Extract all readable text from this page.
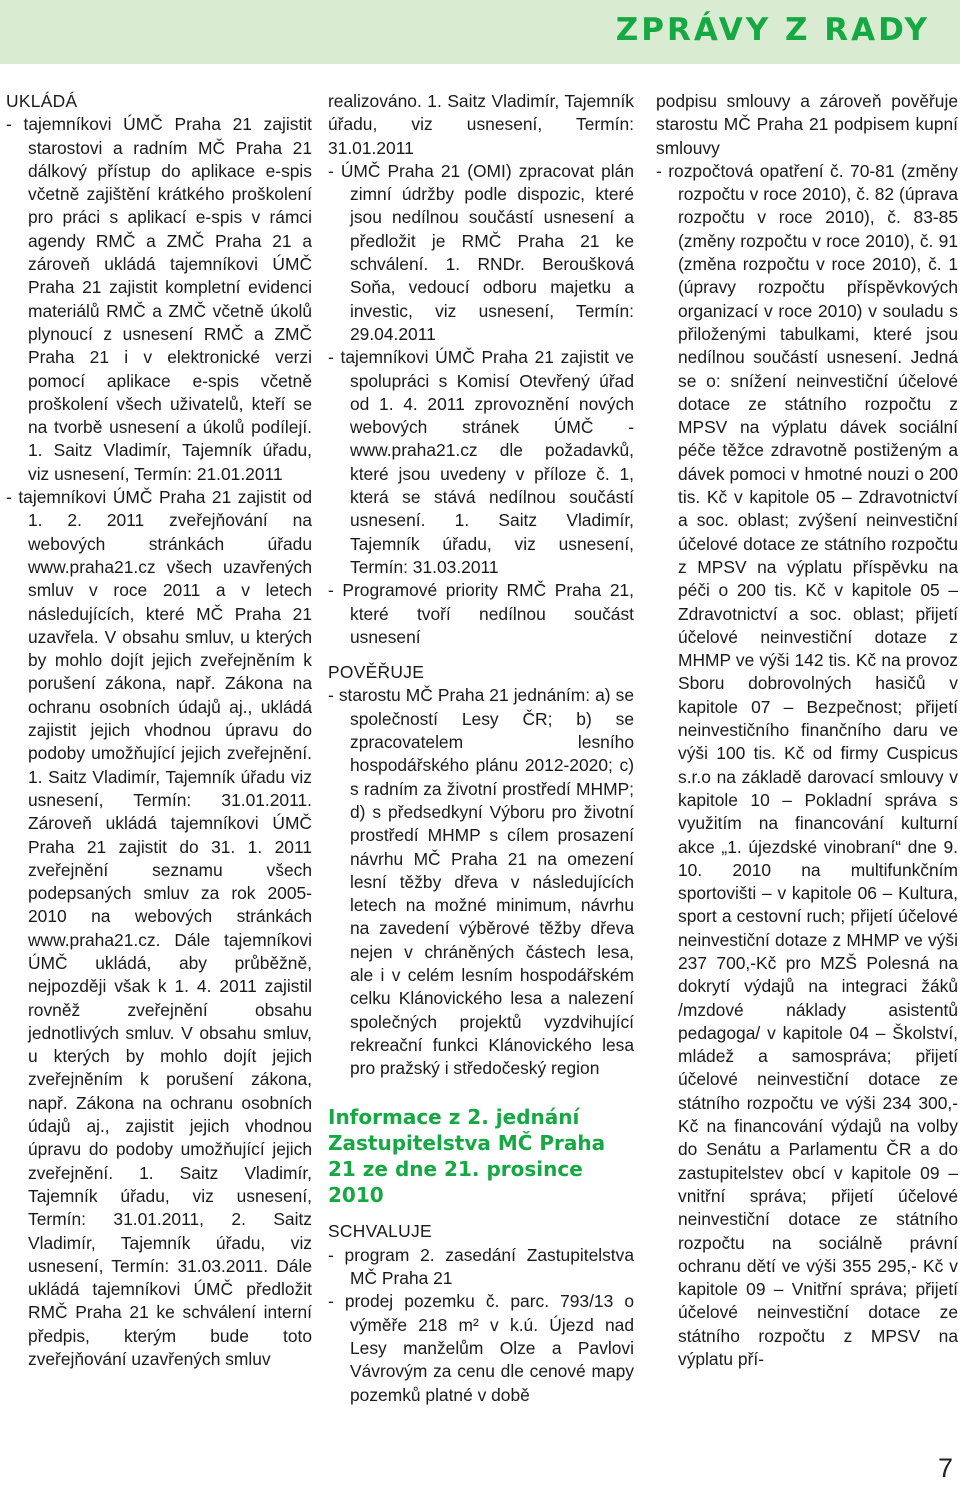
ZPRÁVY Z RADY

UKLÁDÁ

- tajemníkovi ÚMČ Praha 21 zajistit starostovi a radním MČ Praha 21 dálkový přístup do aplikace e-spis včetně zajištění krátkého proškolení pro práci s aplikací e-spis v rámci agendy RMČ a ZMČ Praha 21 a zároveň ukládá tajemníkovi ÚMČ Praha 21 zajistit kompletní evidenci materiálů RMČ a ZMČ včetně úkolů plynoucí z usnesení RMČ a ZMČ Praha 21 i v elektronické verzi pomocí aplikace e-spis včetně proškolení všech uživatelů, kteří se na tvorbě usnesení a úkolů podílejí. 1. Saitz Vladimír, Tajemník úřadu, viz usnesení, Termín: 21.01.2011

- tajemníkovi ÚMČ Praha 21 zajistit od 1. 2. 2011 zveřejňování na webových stránkách úřadu www.praha21.cz všech uzavřených smluv v roce 2011 a v letech následujících, které MČ Praha 21 uzavřela. V obsahu smluv, u kterých by mohlo dojít jejich zveřejněním k porušení zákona, např. Zákona na ochranu osobních údajů aj., ukládá zajistit jejich vhodnou úpravu do podoby umožňující jejich zveřejnění. 1. Saitz Vladimír, Tajemník úřadu viz usnesení, Termín: 31.01.2011. Zároveň ukládá tajemníkovi ÚMČ Praha 21 zajistit do 31. 1. 2011 zveřejnění seznamu všech podepsaných smluv za rok 2005-2010 na webových stránkách www.praha21.cz. Dále tajemníkovi ÚMČ ukládá, aby průběžně, nejpozději však k 1. 4. 2011 zajistil rovněž zveřejnění obsahu jednotlivých smluv. V obsahu smluv, u kterých by mohlo dojít jejich zveřejněním k porušení zákona, např. Zákona na ochranu osobních údajů aj., zajistit jejich vhodnou úpravu do podoby umožňující jejich zveřejnění. 1. Saitz Vladimír, Tajemník úřadu, viz usnesení, Termín: 31.01.2011, 2. Saitz Vladimír, Tajemník úřadu, viz usnesení, Termín: 31.03.2011. Dále ukládá tajemníkovi ÚMČ předložit RMČ Praha 21 ke schválení interní předpis, kterým bude toto zveřejňování uzavřených smluv

realizováno. 1. Saitz Vladimír, Tajemník úřadu, viz usnesení, Termín: 31.01.2011

- ÚMČ Praha 21 (OMI) zpracovat plán zimní údržby podle dispozic, které jsou nedílnou součástí usnesení a předložit je RMČ Praha 21 ke schválení. 1. RNDr. Beroušková Soňa, vedoucí odboru majetku a investic, viz usnesení, Termín: 29.04.2011

- tajemníkovi ÚMČ Praha 21 zajistit ve spolupráci s Komisí Otevřený úřad od 1. 4. 2011 zprovoznění nových webových stránek ÚMČ - www.praha21.cz dle požadavků, které jsou uvedeny v příloze č. 1, která se stává nedílnou součástí usnesení. 1. Saitz Vladimír, Tajemník úřadu, viz usnesení, Termín: 31.03.2011

- Programové priority RMČ Praha 21, které tvoří nedílnou součást usnesení

POVĚŘUJE

- starostu MČ Praha 21 jednáním: a) se společností Lesy ČR; b) se zpracovatelem lesního hospodářského plánu 2012-2020; c) s radním za životní prostředí MHMP; d) s předsedkyní Výboru pro životní prostředí MHMP s cílem prosazení návrhu MČ Praha 21 na omezení lesní těžby dřeva v následujících letech na možné minimum, návrhu na zavedení výběrové těžby dřeva nejen v chráněných částech lesa, ale i v celém lesním hospodářském celku Klánovického lesa a nalezení společných projektů vyzdvihující rekreační funkci Klánovického lesa pro pražský i středočeský region

Informace z 2. jednání Zastupitelstva MČ Praha 21 ze dne 21. prosince 2010

SCHVALUJE

- program 2. zasedání Zastupitelstva MČ Praha 21

- prodej pozemku č. parc. 793/13 o výměře 218 m² v k.ú. Újezd nad Lesy manželům Olze a Pavlovi Vávrovým za cenu dle cenové mapy pozemků platné v době

podpisu smlouvy a zároveň pověřuje starostu MČ Praha 21 podpisem kupní smlouvy

- rozpočtová opatření č. 70-81 (změny rozpočtu v roce 2010), č. 82 (úprava rozpočtu v roce 2010), č. 83-85 (změny rozpočtu v roce 2010), č. 91 (změna rozpočtu v roce 2010), č. 1 (úpravy rozpočtu příspěvkových organizací v roce 2010) v souladu s přiloženými tabulkami, které jsou nedílnou součástí usnesení. Jedná se o: snížení neinvestiční účelové dotace ze státního rozpočtu z MPSV na výplatu dávek sociální péče těžce zdravotně postiženým a dávek pomoci v hmotné nouzi o 200 tis. Kč v kapitole 05 – Zdravotnictví a soc. oblast; zvýšení neinvestiční účelové dotace ze státního rozpočtu z MPSV na výplatu příspěvku na péči o 200 tis. Kč v kapitole 05 – Zdravotnictví a soc. oblast; přijetí účelové neinvestiční dotaze z MHMP ve výši 142 tis. Kč na provoz Sboru dobrovolných hasičů v kapitole 07 – Bezpečnost; přijetí neinvestičního finančního daru ve výši 100 tis. Kč od firmy Cuspicus s.r.o na základě darovací smlouvy v kapitole 10 – Pokladní správa s využitím na financování kulturní akce „1. újezdské vinobraní“ dne 9. 10. 2010 na multifunkčním sportovišti – v kapitole 06 – Kultura, sport a cestovní ruch; přijetí účelové neinvestiční dotaze z MHMP ve výši 237 700,-Kč pro MZŠ Polesná na dokrytí výdajů na integraci žáků /mzdové náklady asistentů pedagoga/ v kapitole 04 – Školství, mládež a samospráva; přijetí účelové neinvestiční dotace ze státního rozpočtu ve výši 234 300,- Kč na financování výdajů na volby do Senátu a Parlamentu ČR a do zastupitelstev obcí v kapitole 09 – vnitřní správa; přijetí účelové neinvestiční dotace ze státního rozpočtu na sociálně právní ochranu dětí ve výši 355 295,- Kč v kapitole 09 – Vnitřní správa; přijetí účelové neinvestiční dotace ze státního rozpočtu z MPSV na výplatu pří-

7
